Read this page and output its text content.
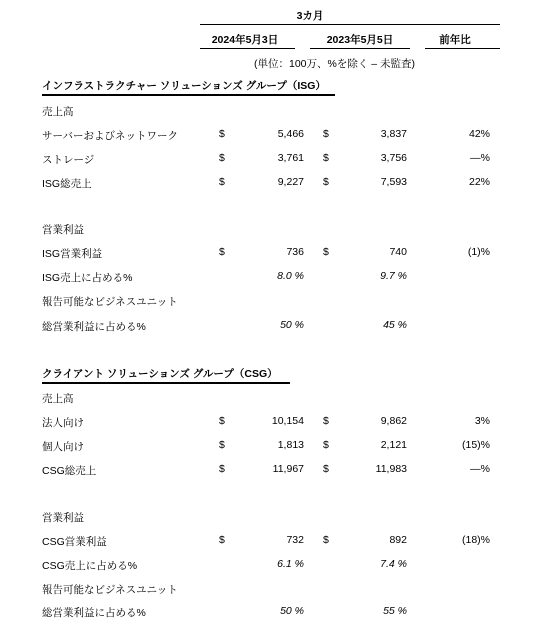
3カ月
2024年5月3日	2023年5月5日	前年比
(単位：100万、%を除く – 未監査)
インフラストラクチャー ソリューションズ グループ（ISG）
売上高
サーバーおよびネットワーク	$	5,466 $	3,837	42%
ストレージ	$	3,761 $	3,756	—%
ISG総売上	$	9,227 $	7,593	22%
営業利益
ISG営業利益	$	736 $	740	(1)%
ISG売上に占める%	8.0 %	9.7 %
報告可能なビジネスユニット
総営業利益に占める%	50 %	45 %
クライアント ソリューションズ グループ（CSG）
売上高
法人向け	$	10,154 $	9,862	3%
個人向け	$	1,813 $	2,121	(15)%
CSG総売上	$	11,967 $	11,983	—%
営業利益
CSG営業利益	$	732 $	892	(18)%
CSG売上に占める%	6.1 %	7.4 %
報告可能なビジネスユニット
総営業利益に占める%	50 %	55 %
